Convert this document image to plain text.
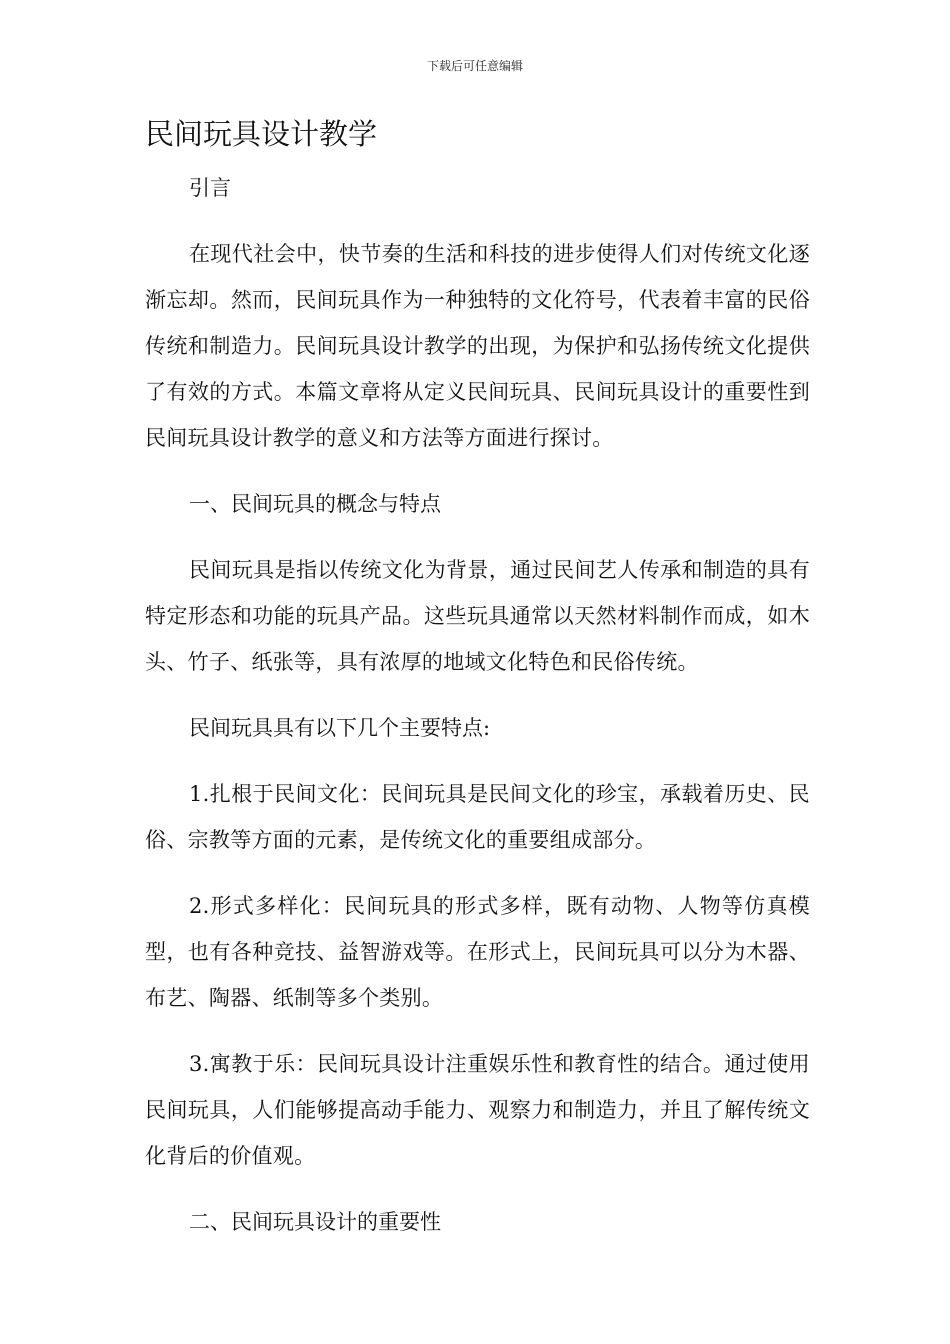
下载后可任意编辑
民间玩具设计教学

引言

在现代社会中，快节奏的生活和科技的进步使得人们对传统文化逐渐忘却。然而，民间玩具作为一种独特的文化符号，代表着丰富的民俗传统和制造力。民间玩具设计教学的出现，为保护和弘扬传统文化提供了有效的方式。本篇文章将从定义民间玩具、民间玩具设计的重要性到民间玩具设计教学的意义和方法等方面进行探讨。

一、民间玩具的概念与特点

民间玩具是指以传统文化为背景，通过民间艺人传承和制造的具有特定形态和功能的玩具产品。这些玩具通常以天然材料制作而成，如木头、竹子、纸张等，具有浓厚的地域文化特色和民俗传统。

民间玩具具有以下几个主要特点:

1.扎根于民间文化：民间玩具是民间文化的珍宝，承载着历史、民俗、宗教等方面的元素，是传统文化的重要组成部分。

2.形式多样化：民间玩具的形式多样，既有动物、人物等仿真模型，也有各种竞技、益智游戏等。在形式上，民间玩具可以分为木器、布艺、陶器、纸制等多个类别。

3.寓教于乐：民间玩具设计注重娱乐性和教育性的结合。通过使用民间玩具，人们能够提高动手能力、观察力和制造力，并且了解传统文化背后的价值观。

二、民间玩具设计的重要性
